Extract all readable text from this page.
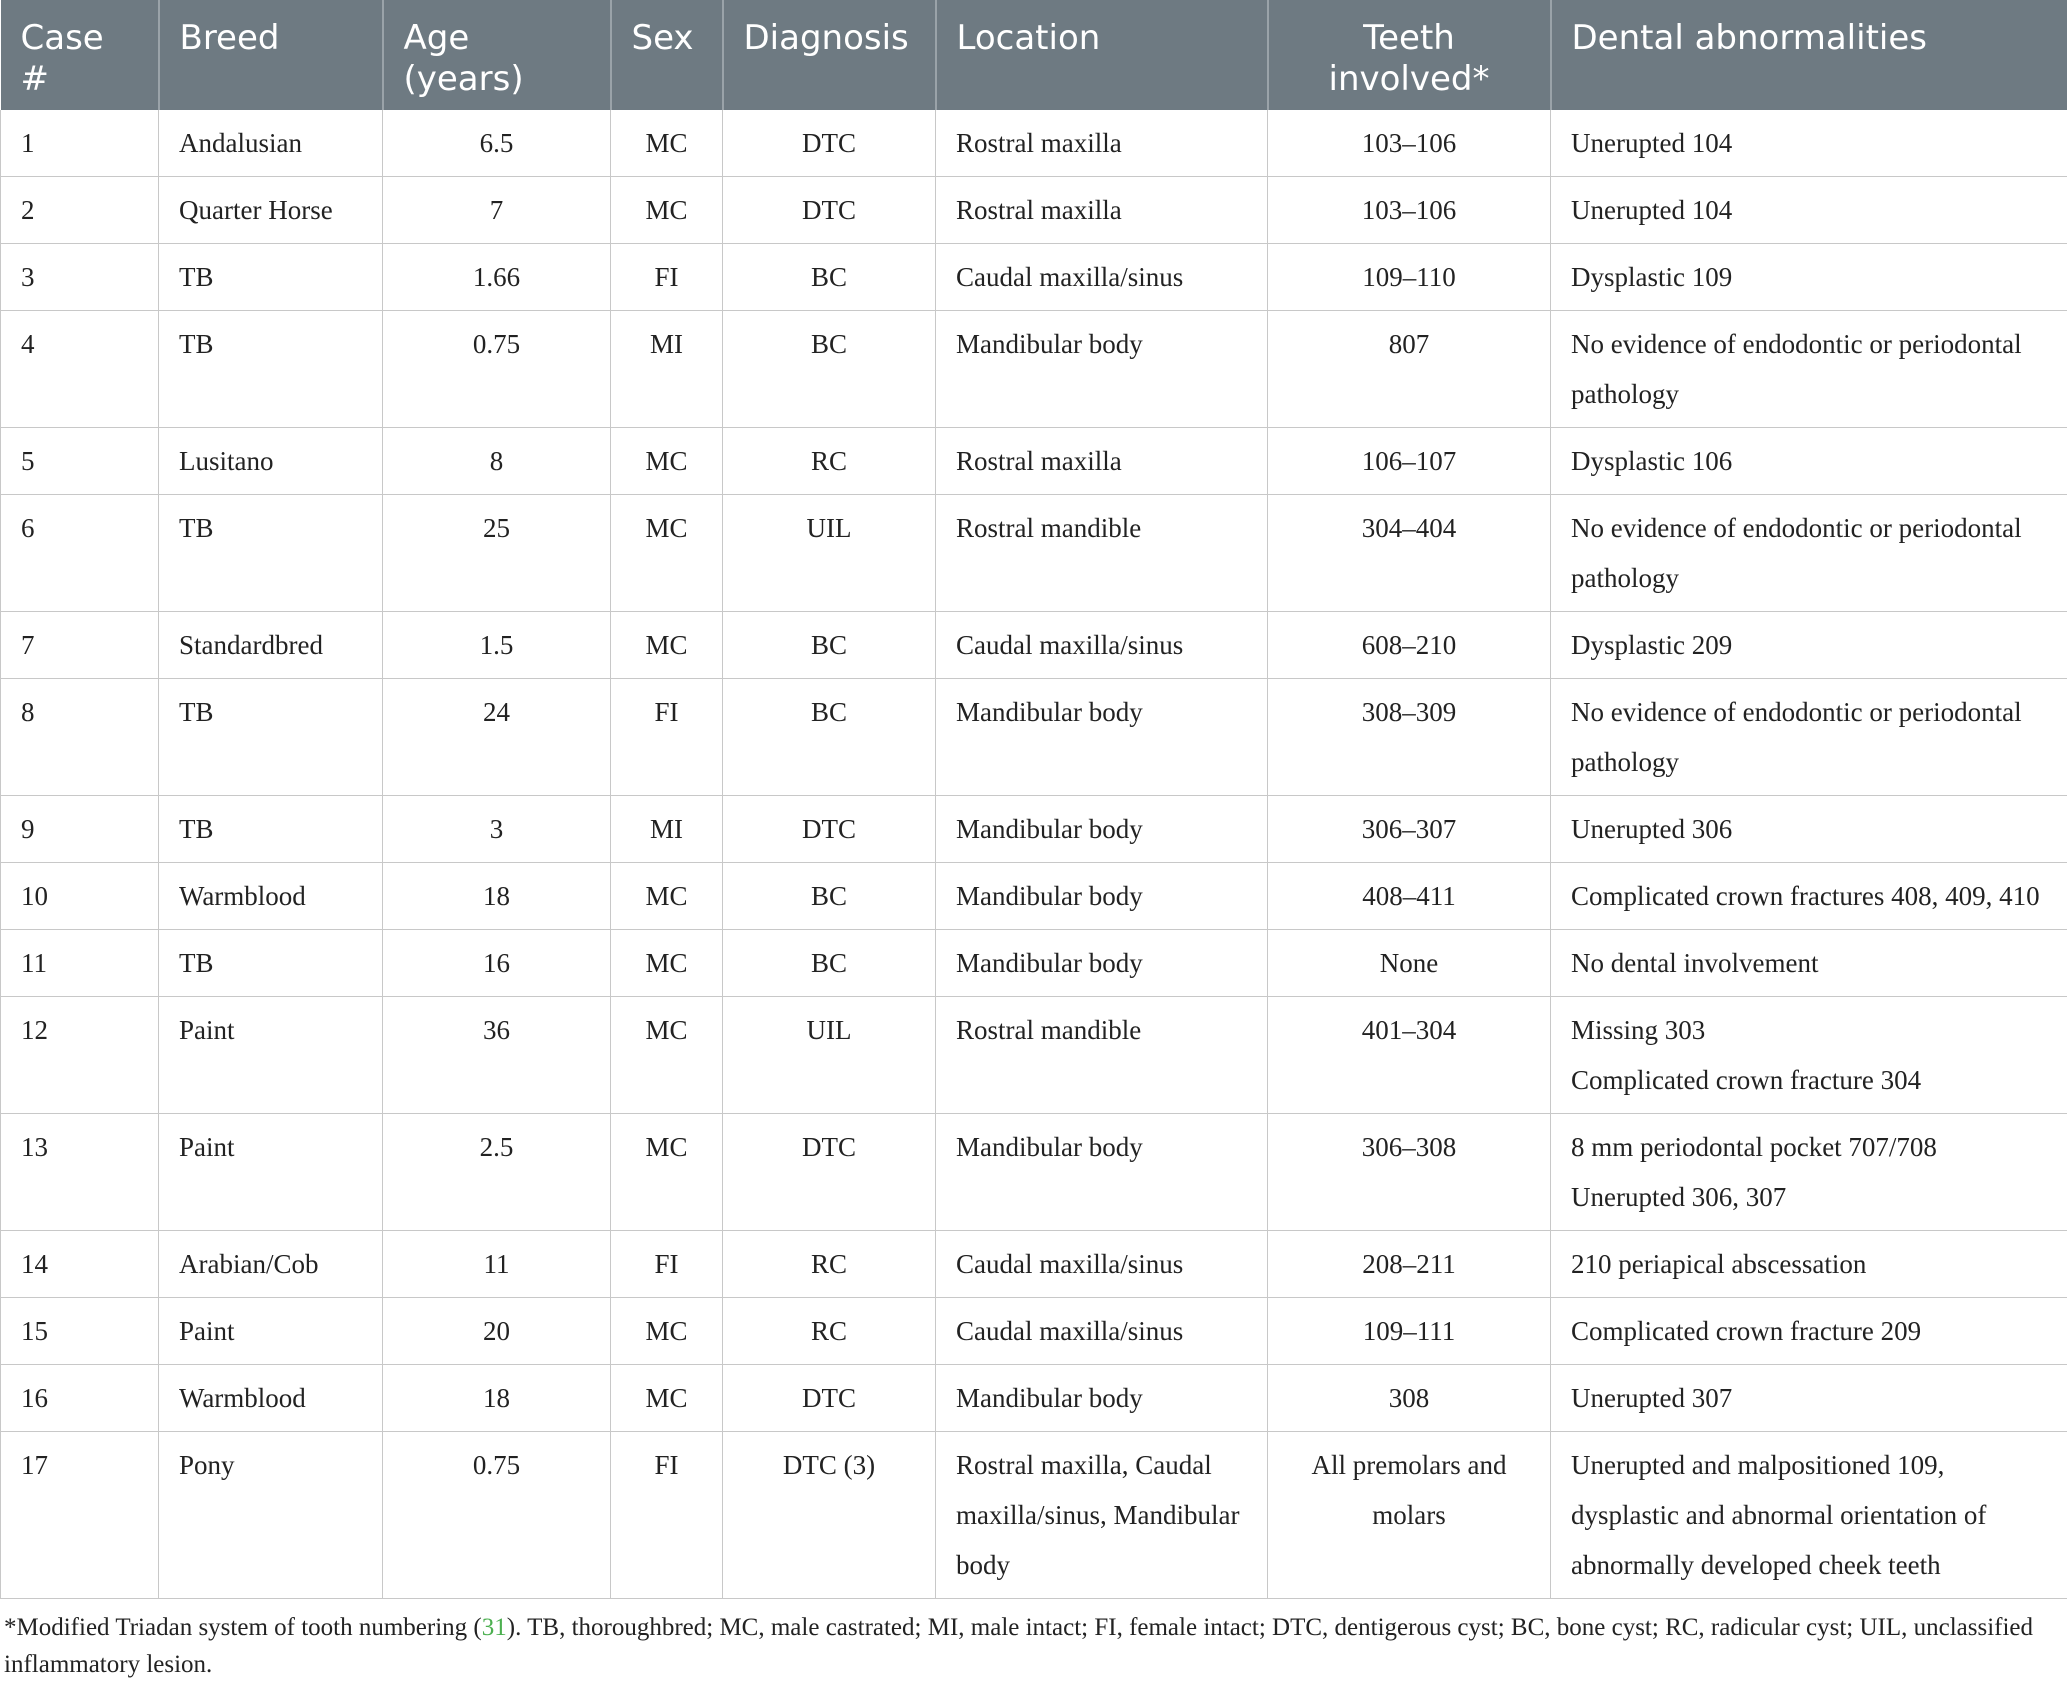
Case #	Breed	Age (years)	Sex	Diagnosis	Location	Teeth involved*	Dental abnormalities
1	Andalusian	6.5	MC	DTC	Rostral maxilla	103–106	Unerupted 104

2	Quarter Horse	7	MC	DTC	Rostral maxilla	103–106	Unerupted 104

3	TB	1.66	FI	BC	Caudal maxilla/sinus	109–110	Dysplastic 109

4	TB	0.75	MI	BC	Mandibular body	807	No evidence of endodontic or periodontal pathology

5	Lusitano	8	MC	RC	Rostral maxilla	106–107	Dysplastic 106

6	TB	25	MC	UIL	Rostral mandible	304–404	No evidence of endodontic or periodontal pathology

7	Standardbred	1.5	MC	BC	Caudal maxilla/sinus	608–210	Dysplastic 209

8	TB	24	FI	BC	Mandibular body	308–309	No evidence of endodontic or periodontal pathology

9	TB	3	MI	DTC	Mandibular body	306–307	Unerupted 306

10	Warmblood	18	MC	BC	Mandibular body	408–411	Complicated crown fractures 408, 409, 410

11	TB	16	MC	BC	Mandibular body	None	No dental involvement

12	Paint	36	MC	UIL	Rostral mandible	401–304	Missing 303
Complicated crown fracture 304

13	Paint	2.5	MC	DTC	Mandibular body	306–308	8 mm periodontal pocket 707/708
Unerupted 306, 307

14	Arabian/Cob	11	FI	RC	Caudal maxilla/sinus	208–211	210 periapical abscessation

15	Paint	20	MC	RC	Caudal maxilla/sinus	109–111	Complicated crown fracture 209

16	Warmblood	18	MC	DTC	Mandibular body	308	Unerupted 307

17	Pony	0.75	FI	DTC (3)	Rostral maxilla, Caudal maxilla/sinus, Mandibular body	All premolars and molars	Unerupted and malpositioned 109, dysplastic and abnormal orientation of abnormally developed cheek teeth
*Modified Triadan system of tooth numbering (31). TB, thoroughbred; MC, male castrated; MI, male intact; FI, female intact; DTC, dentigerous cyst; BC, bone cyst; RC, radicular cyst; UIL, unclassified inflammatory lesion.
